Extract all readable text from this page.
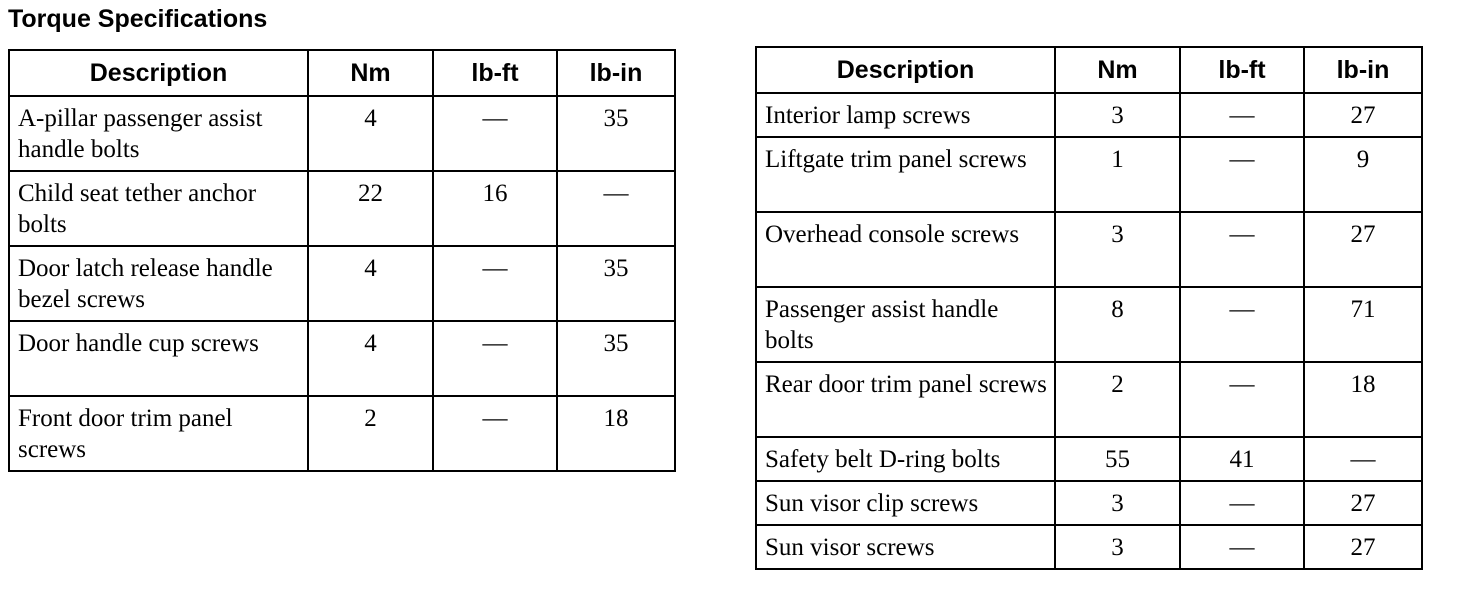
Torque Specifications
Description	Nm	lb-ft	lb-in
A-pillar passenger assist handle bolts	4	—	35
Child seat tether anchor bolts	22	16	—
Door latch release handle bezel screws	4	—	35
Door handle cup screws	4	—	35
Front door trim panel screws	2	—	18
Description	Nm	lb-ft	lb-in
Interior lamp screws	3	—	27
Liftgate trim panel screws	1	—	9
Overhead console screws	3	—	27
Passenger assist handle bolts	8	—	71
Rear door trim panel screws	2	—	18
Safety belt D-ring bolts	55	41	—
Sun visor clip screws	3	—	27
Sun visor screws	3	—	27
